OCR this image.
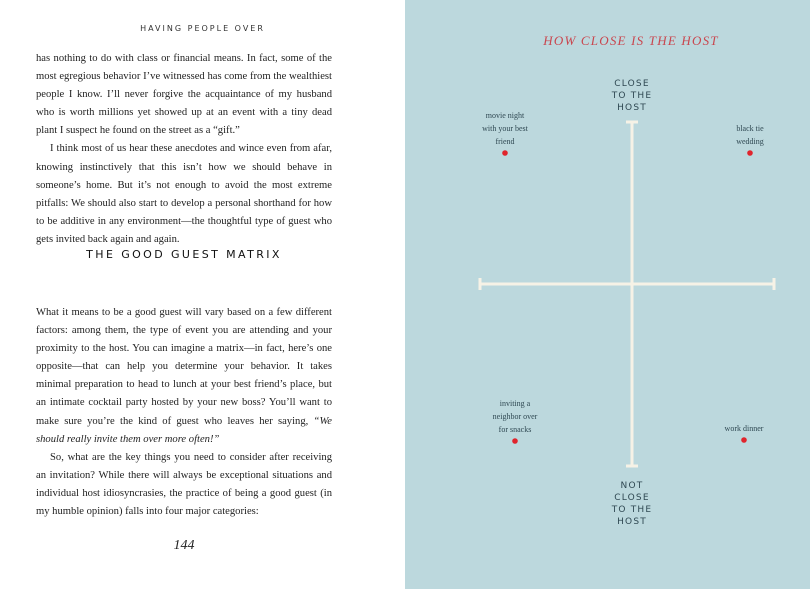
HAVING PEOPLE OVER

has nothing to do with class or financial means. In fact, some of the most egregious behavior I’ve witnessed has come from the wealthiest people I know. I’ll never forgive the acquaintance of my husband who is worth millions yet showed up at an event with a tiny dead plant I suspect he found on the street as a “gift.”

I think most of us hear these anecdotes and wince even from afar, knowing instinctively that this isn’t how we should behave in someone’s home. But it’s not enough to avoid the most extreme pitfalls: We should also start to develop a personal shorthand for how to be additive in any environment—the thoughtful type of guest who gets invited back again and again.

THE GOOD GUEST MATRIX

What it means to be a good guest will vary based on a few different factors: among them, the type of event you are attending and your proximity to the host. You can imagine a matrix—in fact, here’s one opposite—that can help you determine your behavior. It takes minimal preparation to head to lunch at your best friend’s place, but an intimate cocktail party hosted by your new boss? You’ll want to make sure you’re the kind of guest who leaves her saying, “We should really invite them over more often!”

So, what are the key things you need to consider after receiving an invitation? While there will always be exceptional situations and individual host idiosyncrasies, the practice of being a good guest (in my humble opinion) falls into four major categories:

144
HOW CLOSE IS THE HOST
CLOSE
TO THE
HOST
NOT
CLOSE
TO THE
HOST
movie night
with your best
friend
black tie
wedding
inviting a
neighbor over
for snacks	work dinner
